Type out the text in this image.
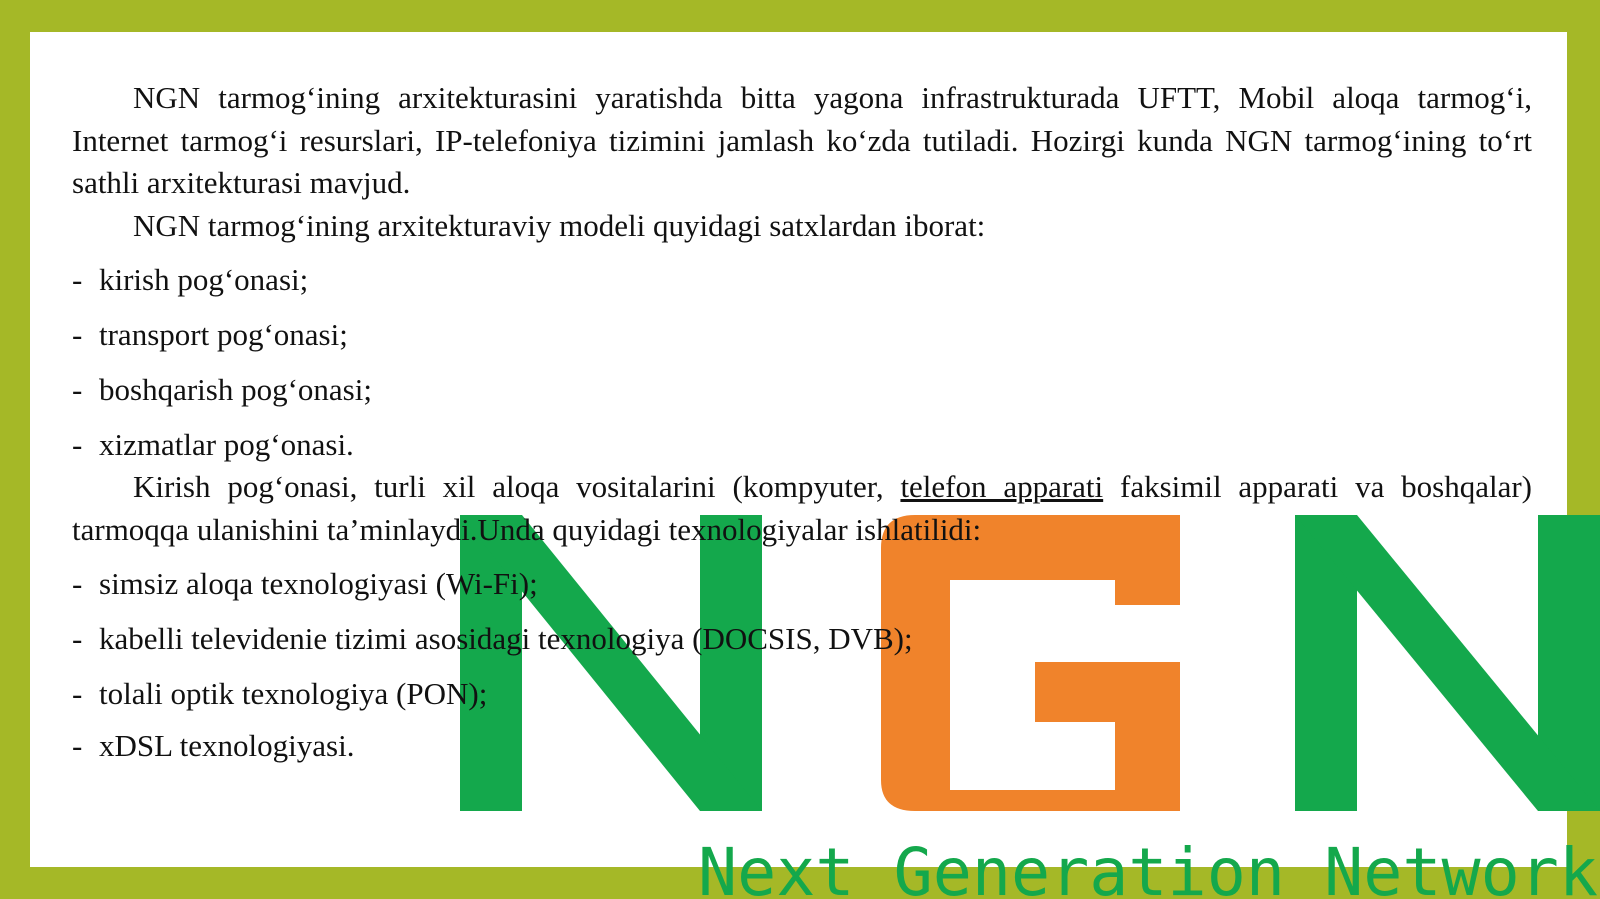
Next Generation Network

NGN tarmog‘ining arxitekturasini yaratishda bitta yagona infrastrukturada UFTT, Mobil aloqa tarmog‘i, Internet tarmog‘i resurslari, IP-telefoniya tizimini jamlash ko‘zda tutiladi. Hozirgi kunda NGN tarmog‘ining to‘rt sathli arxitekturasi mavjud.

NGN tarmog‘ining arxitekturaviy modeli quyidagi satxlardan iborat:

- kirish pog‘onasi;
- transport pog‘onasi;
- boshqarish pog‘onasi;
- xizmatlar pog‘onasi.

Kirish pog‘onasi, turli xil aloqa vositalarini (kompyuter, telefon apparati faksimil apparati va boshqalar) tarmoqqa ulanishini ta’minlaydi.Unda quyidagi texnologiyalar ishlatilidi:

- simsiz aloqa texnologiyasi (Wi-Fi);
- kabelli televidenie tizimi asosidagi texnologiya (DOCSIS, DVB);
- tolali optik texnologiya (PON);
- xDSL texnologiyasi.
